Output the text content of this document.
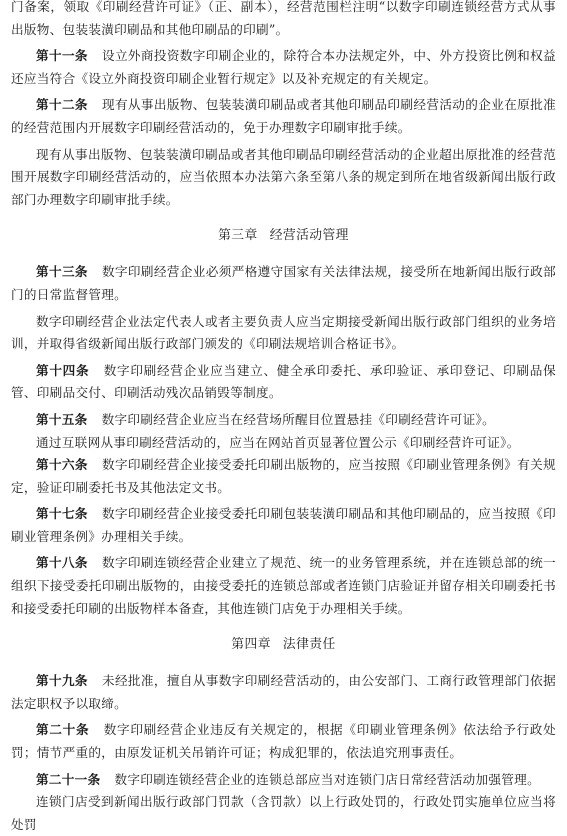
门备案，领取《印刷经营许可证》（正、副本），经营范围栏注明“以数字印刷连锁经营方式从事出版物、包装装潢印刷品和其他印刷品的印刷”。

第十一条 设立外商投资数字印刷企业的，除符合本办法规定外，中、外方投资比例和权益还应当符合《设立外商投资印刷企业暂行规定》以及补充规定的有关规定。

第十二条 现有从事出版物、包装装潢印刷品或者其他印刷品印刷经营活动的企业在原批准的经营范围内开展数字印刷经营活动的，免于办理数字印刷审批手续。

现有从事出版物、包装装潢印刷品或者其他印刷品印刷经营活动的企业超出原批准的经营范围开展数字印刷经营活动的，应当依照本办法第六条至第八条的规定到所在地省级新闻出版行政部门办理数字印刷审批手续。

第三章 经营活动管理

第十三条 数字印刷经营企业必须严格遵守国家有关法律法规，接受所在地新闻出版行政部门的日常监督管理。

数字印刷经营企业法定代表人或者主要负责人应当定期接受新闻出版行政部门组织的业务培训，并取得省级新闻出版行政部门颁发的《印刷法规培训合格证书》。

第十四条 数字印刷经营企业应当建立、健全承印委托、承印验证、承印登记、印刷品保管、印刷品交付、印刷活动残次品销毁等制度。

第十五条 数字印刷经营企业应当在经营场所醒目位置悬挂《印刷经营许可证》。

通过互联网从事印刷经营活动的，应当在网站首页显著位置公示《印刷经营许可证》。

第十六条 数字印刷经营企业接受委托印刷出版物的，应当按照《印刷业管理条例》有关规定，验证印刷委托书及其他法定文书。

第十七条 数字印刷经营企业接受委托印刷包装装潢印刷品和其他印刷品的，应当按照《印刷业管理条例》办理相关手续。

第十八条 数字印刷连锁经营企业建立了规范、统一的业务管理系统，并在连锁总部的统一组织下接受委托印刷出版物的，由接受委托的连锁总部或者连锁门店验证并留存相关印刷委托书和接受委托印刷的出版物样本备查，其他连锁门店免于办理相关手续。

第四章 法律责任

第十九条 未经批准，擅自从事数字印刷经营活动的，由公安部门、工商行政管理部门依据法定职权予以取缔。

第二十条 数字印刷经营企业违反有关规定的，根据《印刷业管理条例》依法给予行政处罚；情节严重的，由原发证机关吊销许可证；构成犯罪的，依法追究刑事责任。

第二十一条 数字印刷连锁经营企业的连锁总部应当对连锁门店日常经营活动加强管理。

连锁门店受到新闻出版行政部门罚款（含罚款）以上行政处罚的，行政处罚实施单位应当将处罚
